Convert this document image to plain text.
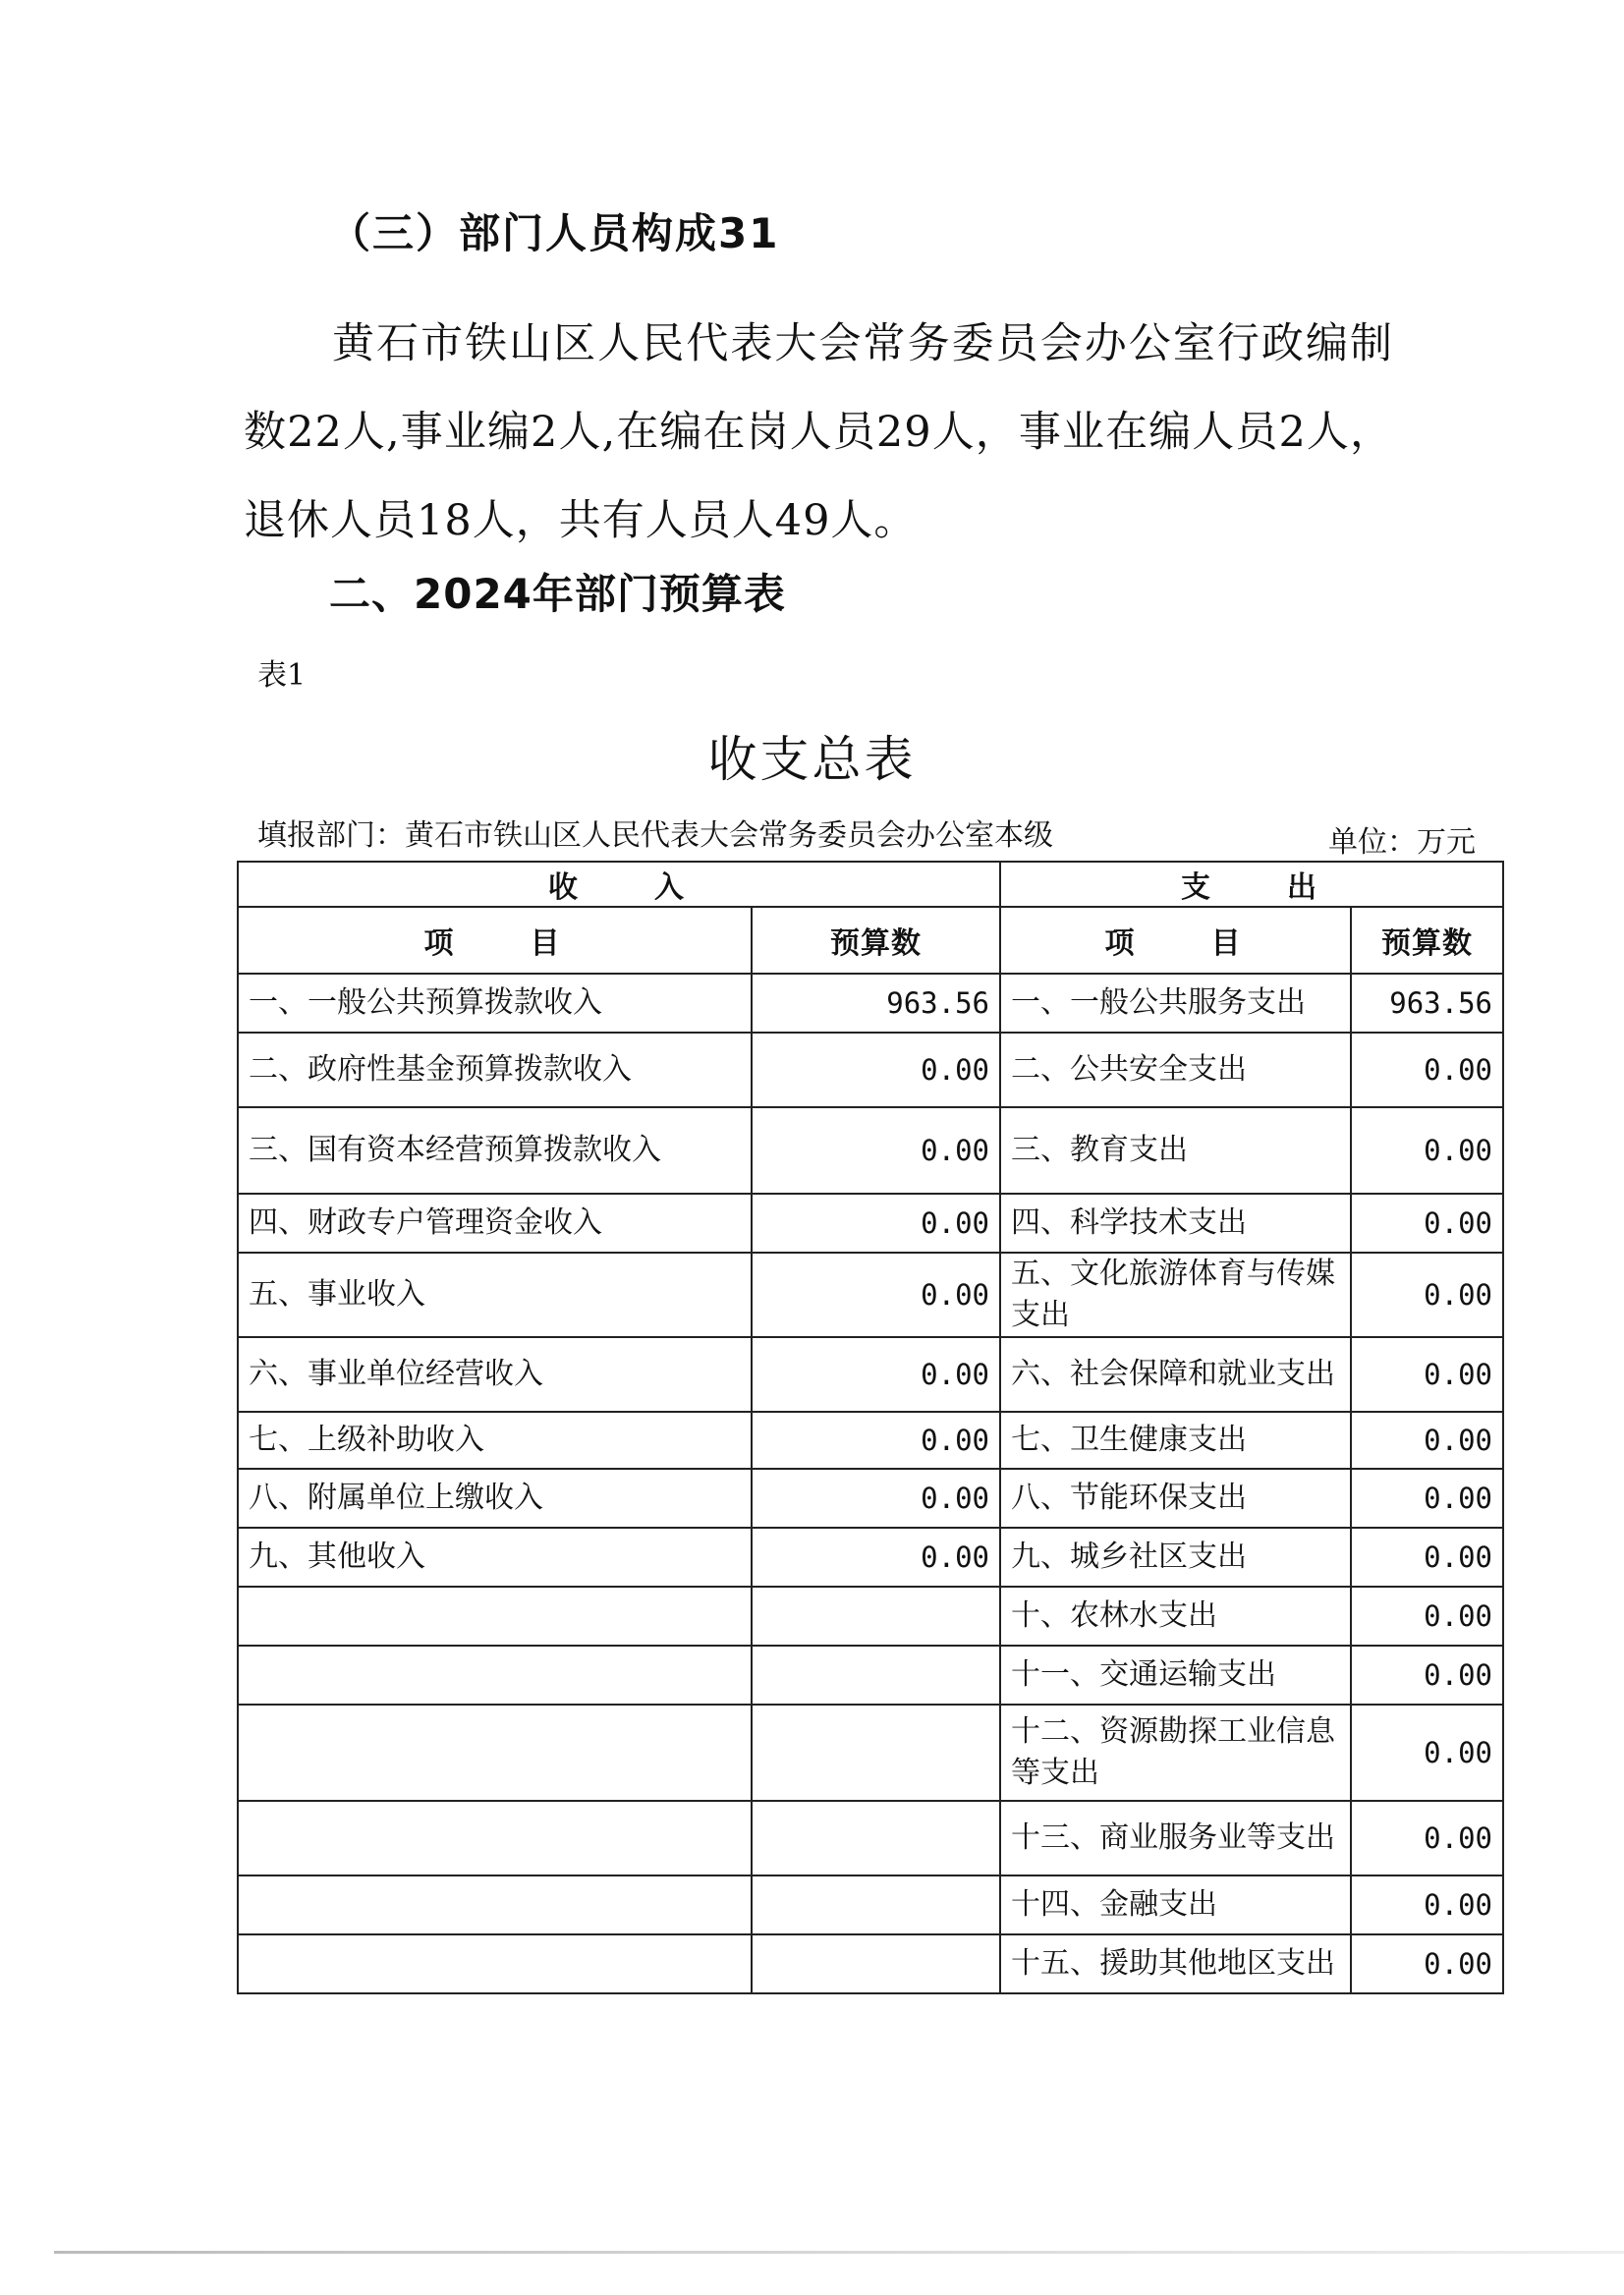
（三）部门人员构成31
黄石市铁山区人民代表大会常务委员会办公室行政编制数22人,事业编2人,在编在岗人员29人，事业在编人员2人，退休人员18人，共有人员人49人。
二、2024年部门预算表
表1
收支总表
填报部门：黄石市铁山区人民代表大会常务委员会办公室本级	单位：万元
收　　入		支　　出	
项　　目	预算数	项　　目	预算数
一、一般公共预算拨款收入	963.56	一、一般公共服务支出	963.56
二、政府性基金预算拨款收入	0.00	二、公共安全支出	0.00
三、国有资本经营预算拨款收入	0.00	三、教育支出	0.00
四、财政专户管理资金收入	0.00	四、科学技术支出	0.00
五、事业收入	0.00	五、文化旅游体育与传媒支出	0.00
六、事业单位经营收入	0.00	六、社会保障和就业支出	0.00
七、上级补助收入	0.00	七、卫生健康支出	0.00
八、附属单位上缴收入	0.00	八、节能环保支出	0.00
九、其他收入	0.00	九、城乡社区支出	0.00
		十、农林水支出	0.00
		十一、交通运输支出	0.00
		十二、资源勘探工业信息等支出	0.00
		十三、商业服务业等支出	0.00
		十四、金融支出	0.00
		十五、援助其他地区支出	0.00
